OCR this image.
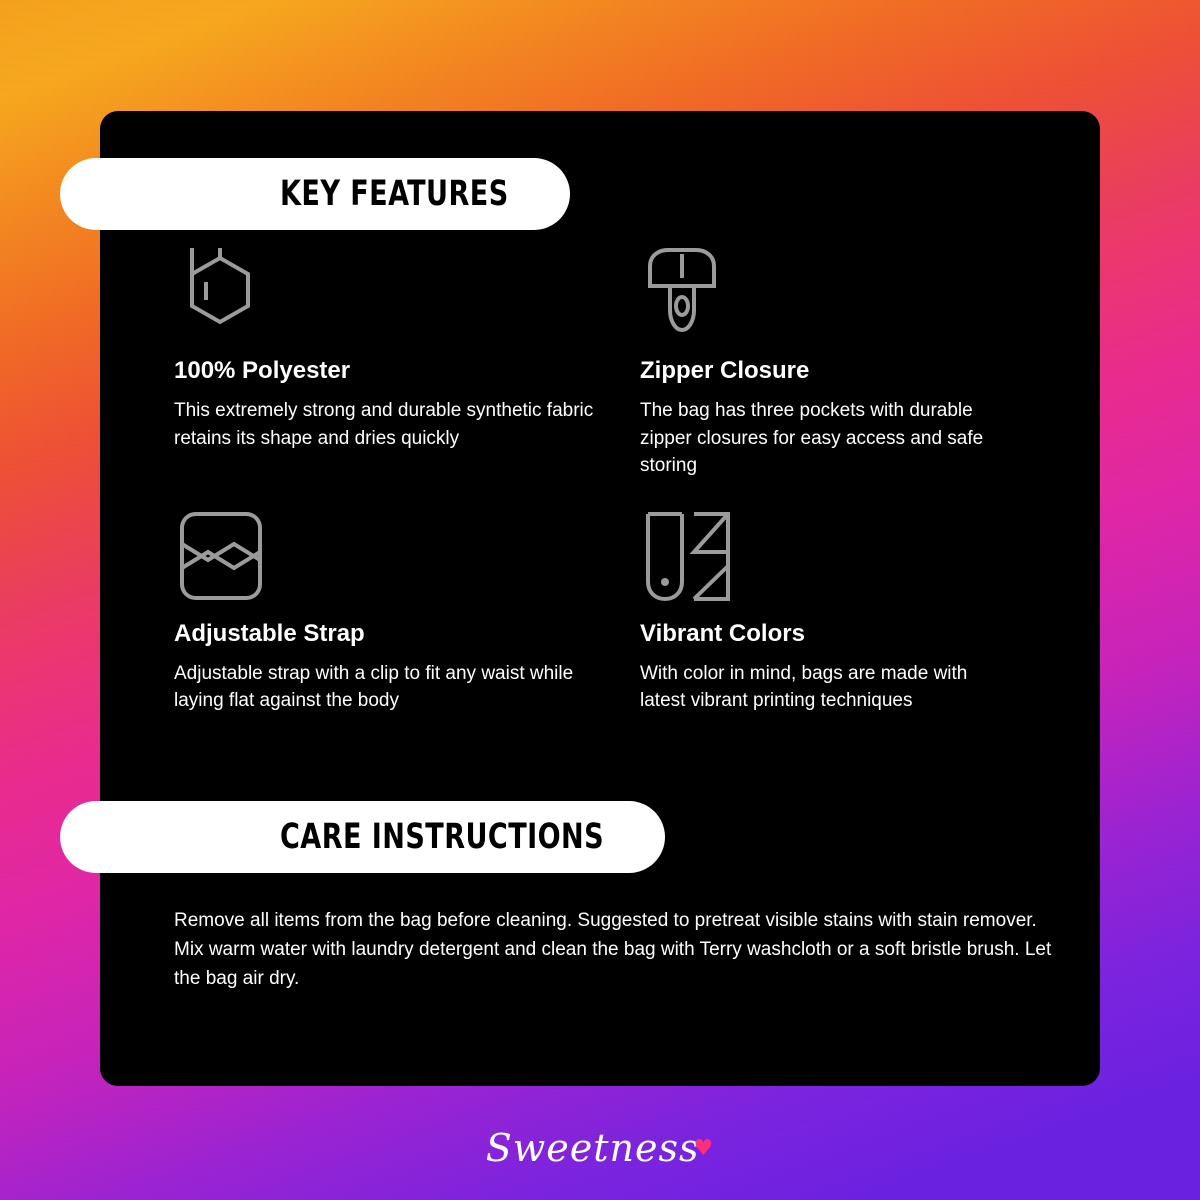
KEY FEATURES
100% Polyester

This extremely strong and durable synthetic fabric retains its shape and dries quickly

Zipper Closure

The bag has three pockets with durable zipper closures for easy access and safe storing

Adjustable Strap

Adjustable strap with a clip to fit any waist while laying flat against the body

Vibrant Colors

With color in mind, bags are made with latest vibrant printing techniques

CARE INSTRUCTIONS

Remove all items from the bag before cleaning. Suggested to pretreat visible stains with stain remover. Mix warm water with laundry detergent and clean the bag with Terry washcloth or a soft bristle brush. Let the bag air dry.

Sweetness♥
